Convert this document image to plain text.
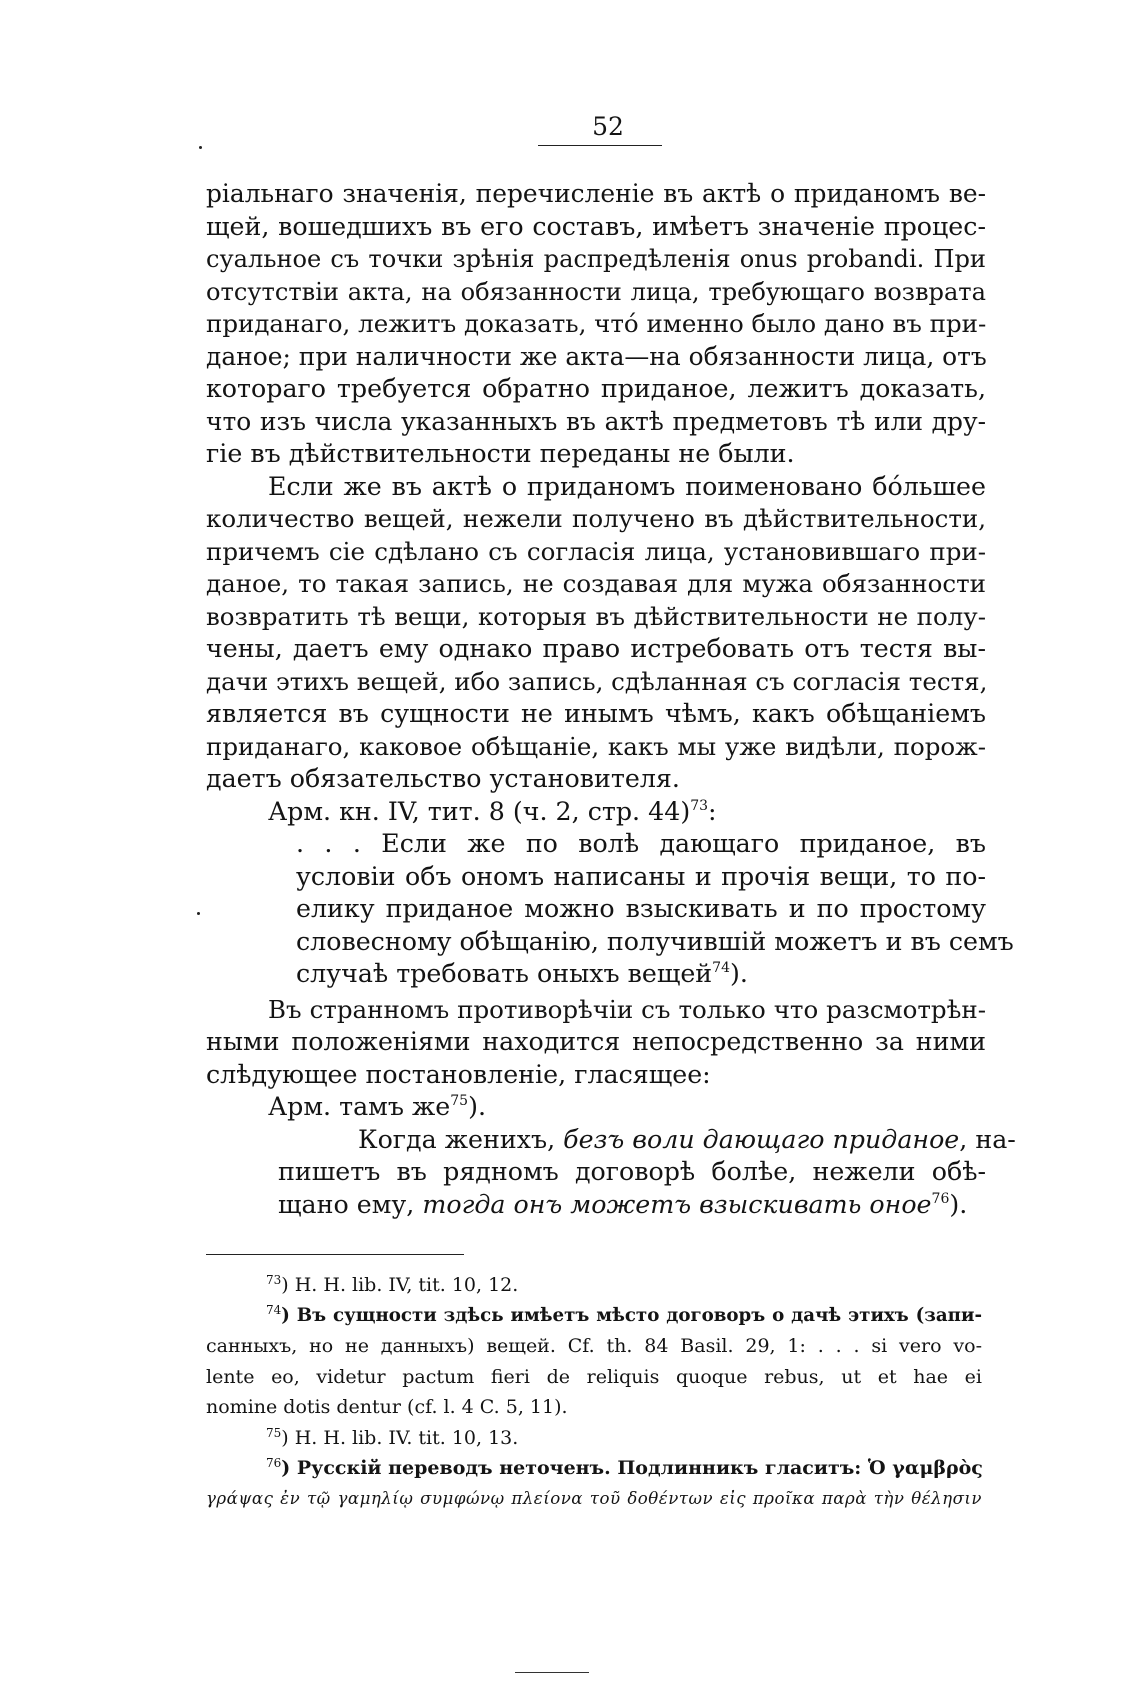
52
ріальнаго значенія, перечисленіе въ актѣ о приданомъ ве-
щей, вошедшихъ въ его составъ, имѣетъ значеніе процес-
суальное съ точки зрѣнія распредѣленія onus probandi. При
отсутствіи акта, на обязанности лица, требующаго возврата
приданаго, лежитъ доказать, чтó именно было дано въ при-
даное; при наличности же акта—на обязанности лица, отъ
котораго требуется обратно приданое, лежитъ доказать,
что изъ числа указанныхъ въ актѣ предметовъ тѣ или дру-
гіе въ дѣйствительности переданы не были.
Если же въ актѣ о приданомъ поименовано бóльшее
количество вещей, нежели получено въ дѣйствительности,
причемъ сіе сдѣлано съ согласія лица, установившаго при-
даное, то такая запись, не создавая для мужа обязанности
возвратить тѣ вещи, которыя въ дѣйствительности не полу-
чены, даетъ ему однако право истребовать отъ тестя вы-
дачи этихъ вещей, ибо запись, сдѣланная съ согласія тестя,
является въ сущности не инымъ чѣмъ, какъ обѣщаніемъ
приданаго, каковое обѣщаніе, какъ мы уже видѣли, порож-
даетъ обязательство установителя.
Арм. кн. IV, тит. 8 (ч. 2, стр. 44)$^{73}$:
. . . Если же по волѣ дающаго приданое, въ
условіи объ ономъ написаны и прочія вещи, то по-
елику приданое можно взыскивать и по простому
словесному обѣщанію, получившій можетъ и въ семъ
случаѣ требовать оныхъ вещей$^{74}$).
Въ странномъ противорѣчіи съ только что разсмотрѣн-
ными положеніями находится непосредственно за ними
слѣдующее постановленіе, гласящее:
Арм. тамъ $же^{75}$).
Когда женихъ, безъ воли дающаго приданое, на-
пишетъ въ рядномъ договорѣ болѣе, нежели обѣ-
щано ему, тогда онъ можетъ взыскивать оное$^{76}$).
$^{73}$) Н. Н. lib. IV, tit. 10, 12.
$^{74}$) Въ сущности здѣсь имѣетъ мѣсто договоръ о дачѣ этихъ (запи-
санныхъ, но не данныхъ) вещей. Cf. th. 84 Basil. 29, 1: . . . si vero vo-
lente eo, videtur pactum fieri de reliquis quoque rebus, ut et hae ei
nomine dotis dentur (cf. l. 4 C. 5, 11).
$^{75}$) Н. Н. lib. IV. tit. 10, 13.
$^{76}$) Русскій переводъ неточенъ. Подлинникъ гласитъ: Ὁ γαμβρὸς
γράψας ἐν τῷ γαμηλίῳ συμφώνῳ πλείονα τοῦ δοθέντων εἰς προῖκα παρὰ τὴν θέλησιν
